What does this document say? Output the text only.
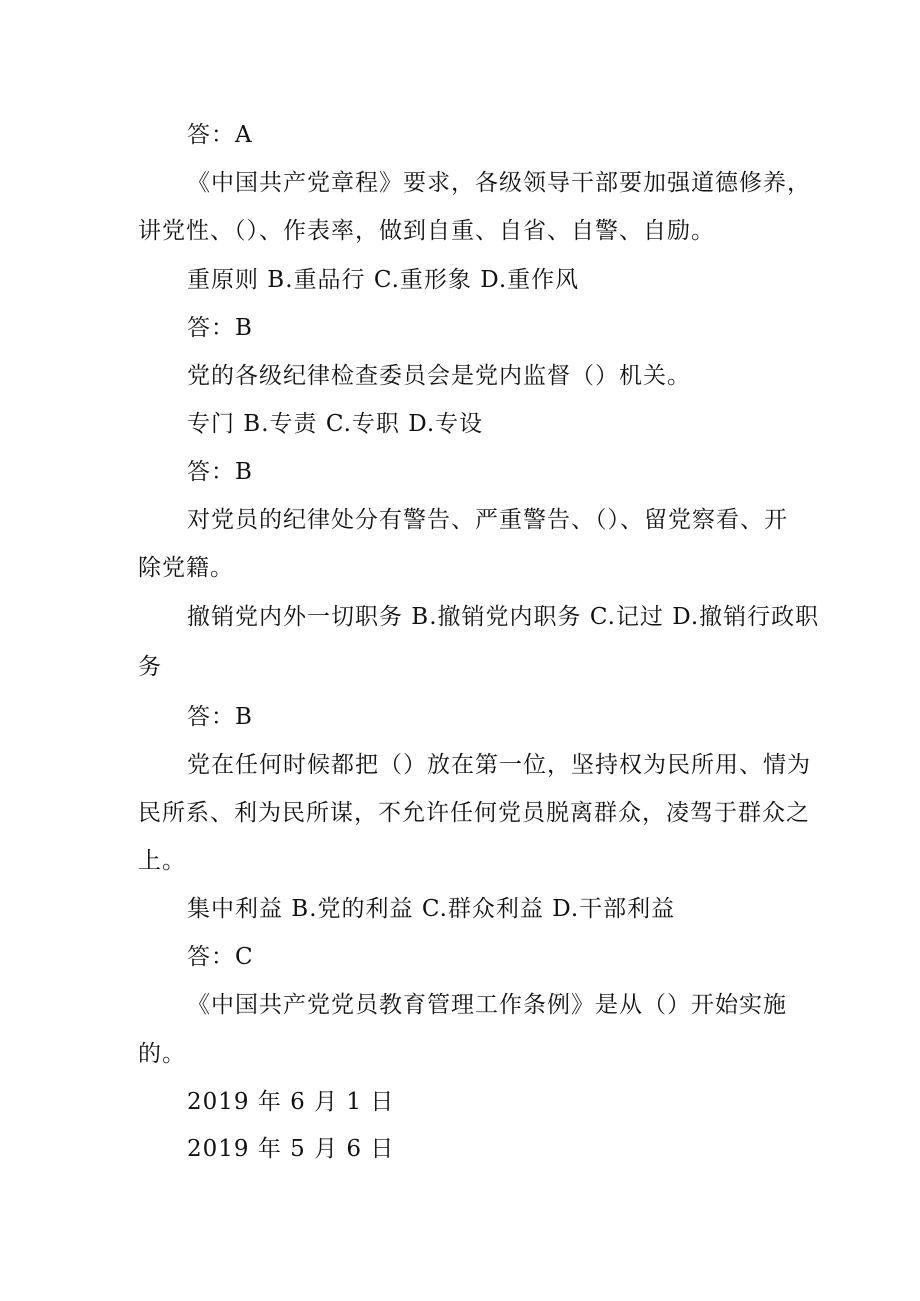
答：A
《中国共产党章程》要求，各级领导干部要加强道德修养，
讲党性、（）、作表率，做到自重、自省、自警、自励。
重原则 B.重品行 C.重形象 D.重作风
答：B
党的各级纪律检查委员会是党内监督（）机关。
专门 B.专责 C.专职 D.专设
答：B
对党员的纪律处分有警告、严重警告、（）、留党察看、开
除党籍。
撤销党内外一切职务 B.撤销党内职务 C.记过 D.撤销行政职
务
答：B
党在任何时候都把（）放在第一位，坚持权为民所用、情为
民所系、利为民所谋，不允许任何党员脱离群众，凌驾于群众之
上。
集中利益 B.党的利益 C.群众利益 D.干部利益
答：C
《中国共产党党员教育管理工作条例》是从（）开始实施
的。
2019 年 6 月 1 日
2019 年 5 月 6 日
